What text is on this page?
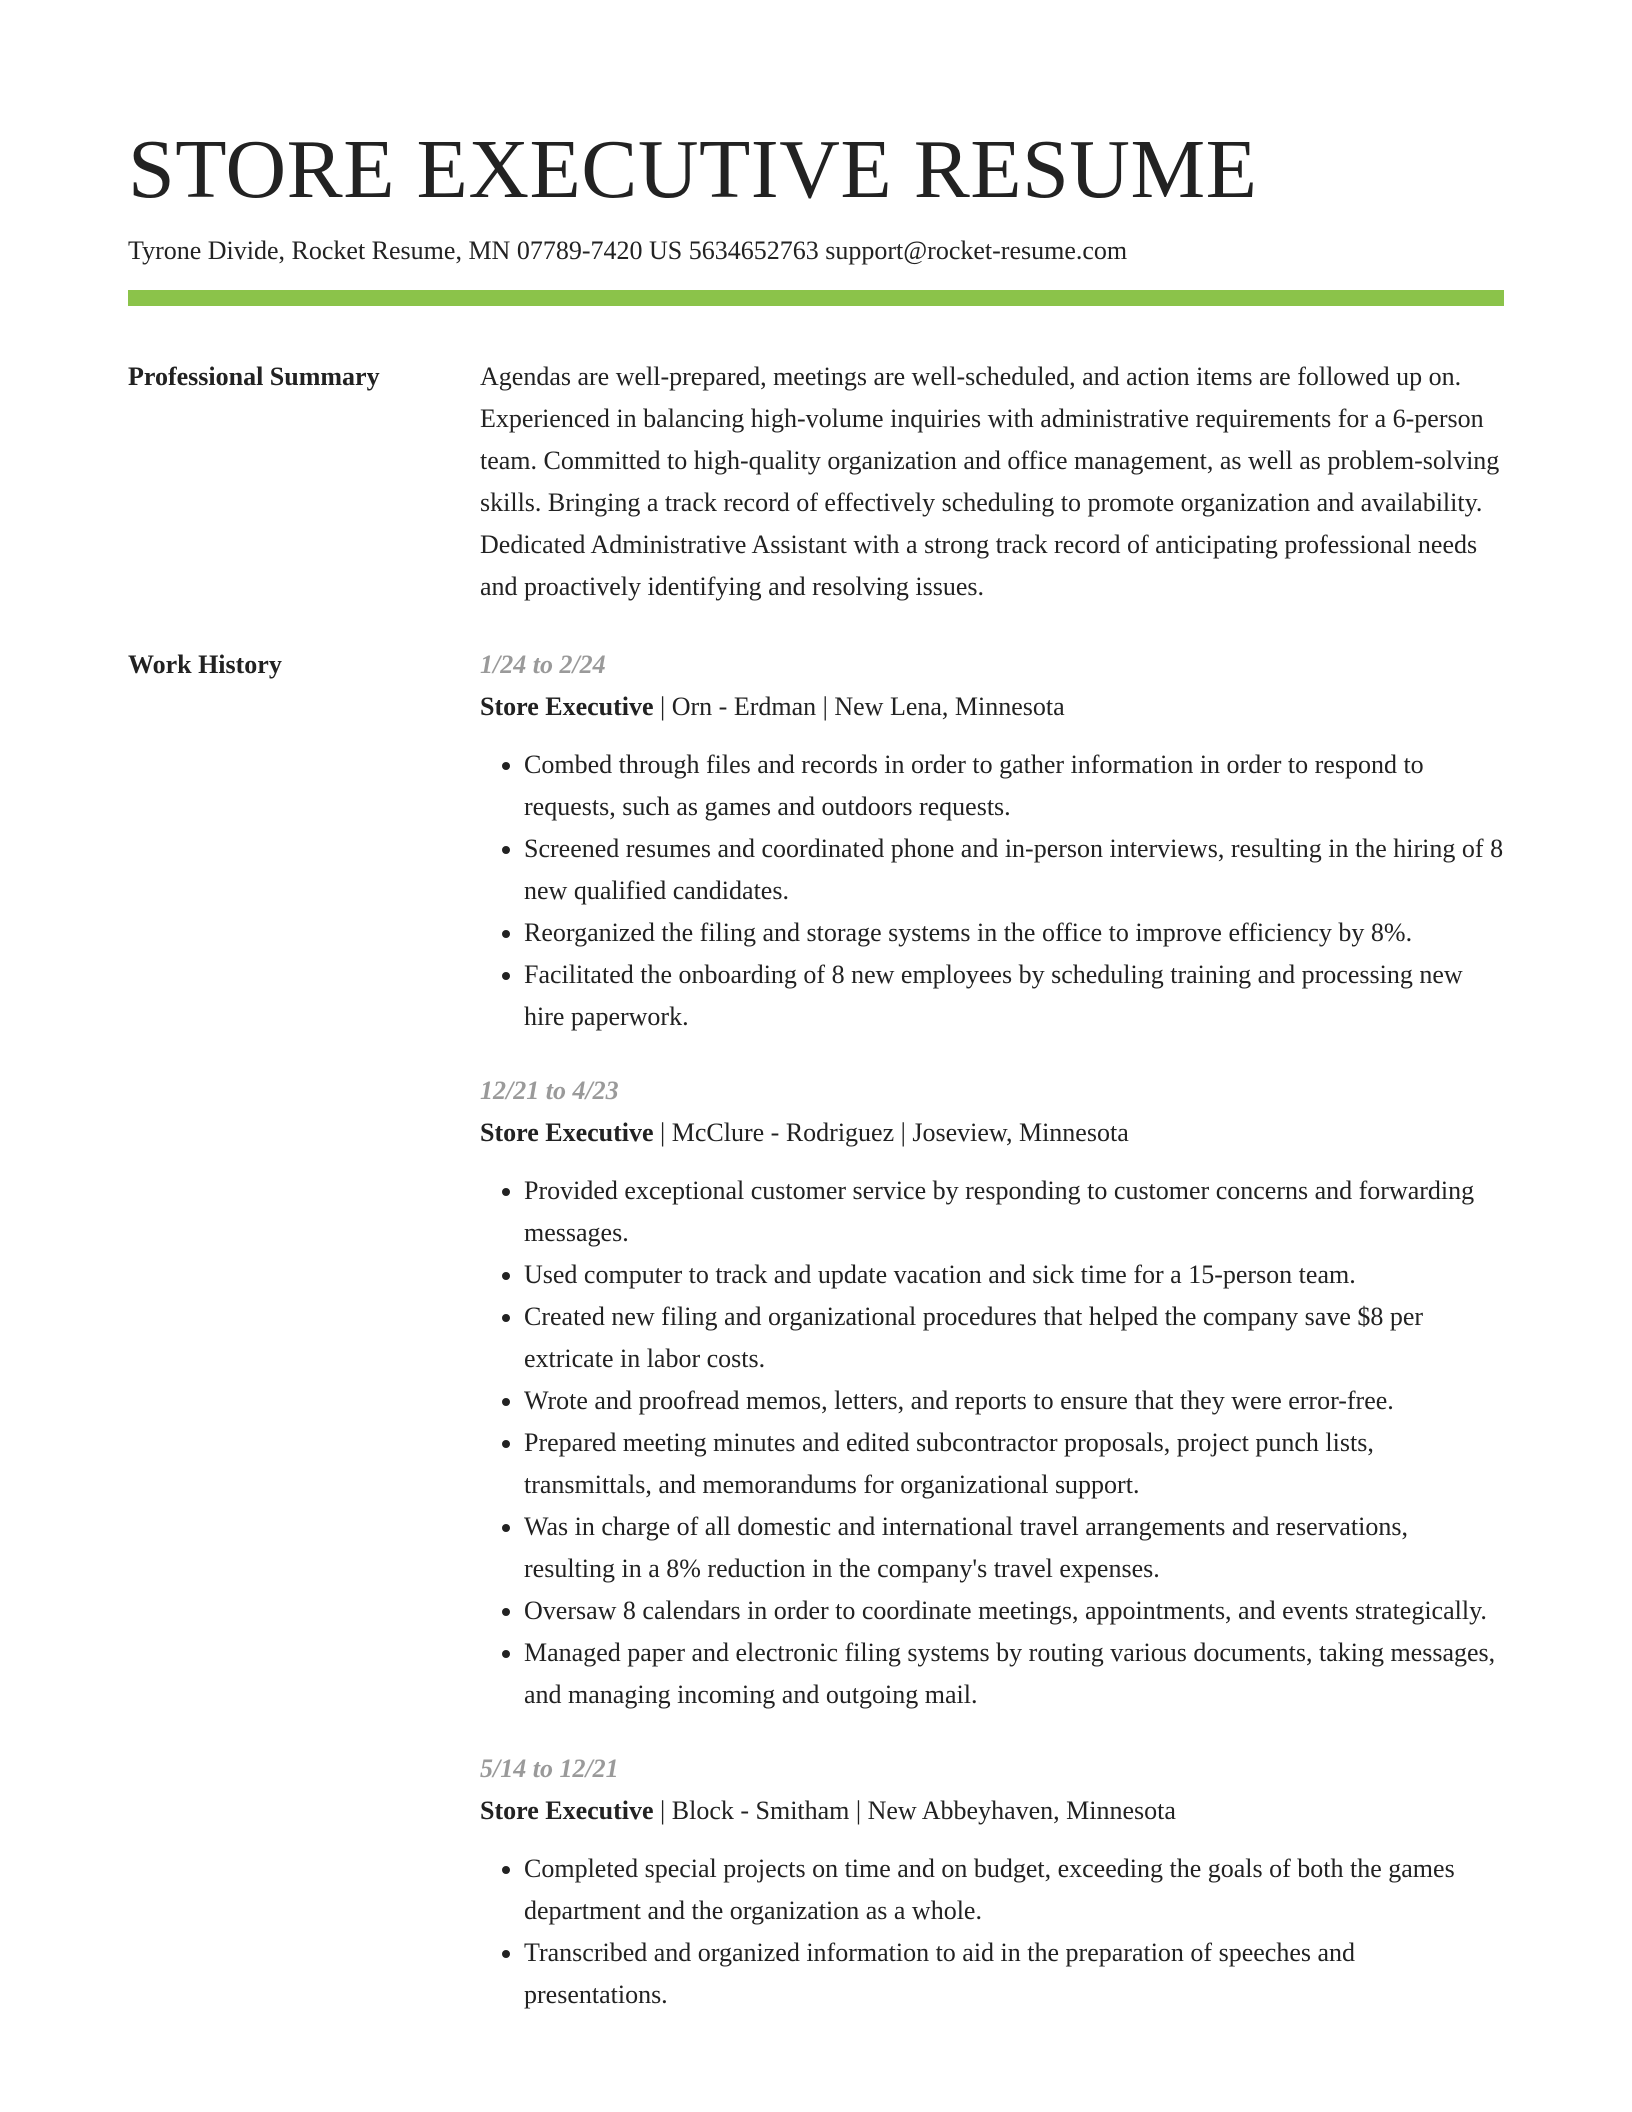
STORE EXECUTIVE RESUME
Tyrone Divide, Rocket Resume, MN 07789-7420 US 5634652763 support@rocket-resume.com
Professional Summary	Agendas are well-prepared, meetings are well-scheduled, and action items are followed up on. Experienced in balancing high-volume inquiries with administrative requirements for a 6-person team. Committed to high-quality organization and office management, as well as problem-solving skills. Bringing a track record of effectively scheduling to promote organization and availability. Dedicated Administrative Assistant with a strong track record of anticipating professional needs and proactively identifying and resolving issues.

Work History	1/24 to 2/24
Store Executive | Orn - Erdman | New Lena, Minnesota
• Combed through files and records in order to gather information in order to respond to requests, such as games and outdoors requests.
• Screened resumes and coordinated phone and in-person interviews, resulting in the hiring of 8 new qualified candidates.
• Reorganized the filing and storage systems in the office to improve efficiency by 8%.
• Facilitated the onboarding of 8 new employees by scheduling training and processing new hire paperwork.
12/21 to 4/23
Store Executive | McClure - Rodriguez | Joseview, Minnesota
• Provided exceptional customer service by responding to customer concerns and forwarding messages.
• Used computer to track and update vacation and sick time for a 15-person team.
• Created new filing and organizational procedures that helped the company save $8 per extricate in labor costs.
• Wrote and proofread memos, letters, and reports to ensure that they were error-free.
• Prepared meeting minutes and edited subcontractor proposals, project punch lists, transmittals, and memorandums for organizational support.
• Was in charge of all domestic and international travel arrangements and reservations, resulting in a 8% reduction in the company's travel expenses.
• Oversaw 8 calendars in order to coordinate meetings, appointments, and events strategically.
• Managed paper and electronic filing systems by routing various documents, taking messages, and managing incoming and outgoing mail.
5/14 to 12/21
Store Executive | Block - Smitham | New Abbeyhaven, Minnesota
• Completed special projects on time and on budget, exceeding the goals of both the games department and the organization as a whole.
• Transcribed and organized information to aid in the preparation of speeches and presentations.
